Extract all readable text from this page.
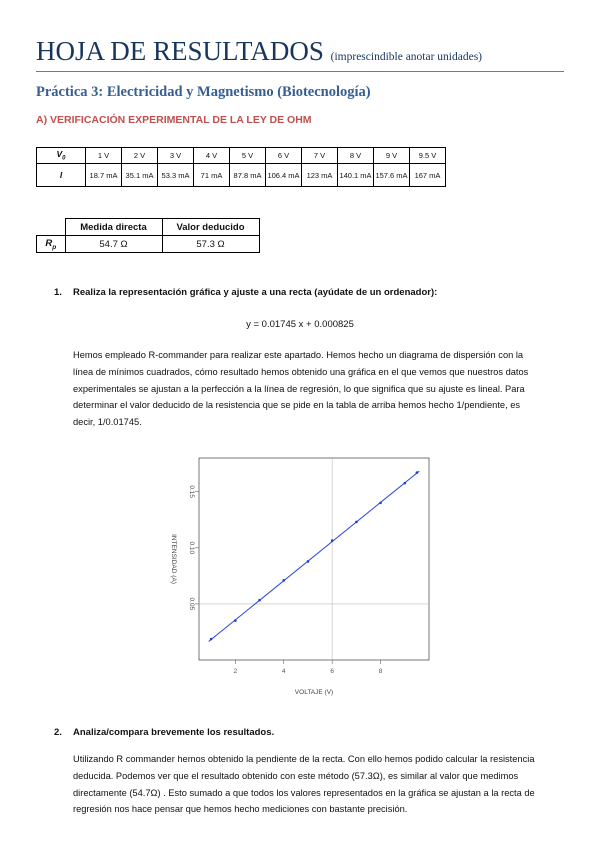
HOJA DE RESULTADOS (imprescindible anotar unidades)
Práctica 3: Electricidad y Magnetismo (Biotecnología)
A) VERIFICACIÓN EXPERIMENTAL DE LA LEY DE OHM
$V_0$	1 V	2 V	3 V	4 V	5 V	6 V	7 V	8 V	9 V	9.5 V
I	18.7 mA	35.1 mA	53.3 mA	71 mA	87.8 mA	106.4 mA	123 mA	140.1 mA	157.6 mA	167 mA
	Medida directa	Valor deducido
$R_p$	54.7 Ω	57.3 Ω
1. Realiza la representación gráfica y ajuste a una recta (ayúdate de un ordenador):
y = 0.01745 x + 0.000825
Hemos empleado R-commander para realizar este apartado. Hemos hecho un diagrama de dispersión con la línea de mínimos cuadrados, cómo resultado hemos obtenido una gráfica en el que vemos que nuestros datos experimentales se ajustan a la perfección a la línea de regresión, lo que significa que su ajuste es lineal. Para determinar el valor deducido de la resistencia que se pide en la tabla de arriba hemos hecho 1/pendiente, es decir, 1/0.01745.
2	4	6	8
0.05
0.10
0.15
VOLTAJE (V)
INTENSIDAD (A)
2. Analiza/compara brevemente los resultados.
Utilizando R commander hemos obtenido la pendiente de la recta. Con ello hemos podido calcular la resistencia deducida. Podemos ver que el resultado obtenido con este método (57.3Ω), es similar al valor que medimos directamente (54.7Ω) . Esto sumado a que todos los valores representados en la gráfica se ajustan a la recta de regresión nos hace pensar que hemos hecho mediciones con bastante precisión.
